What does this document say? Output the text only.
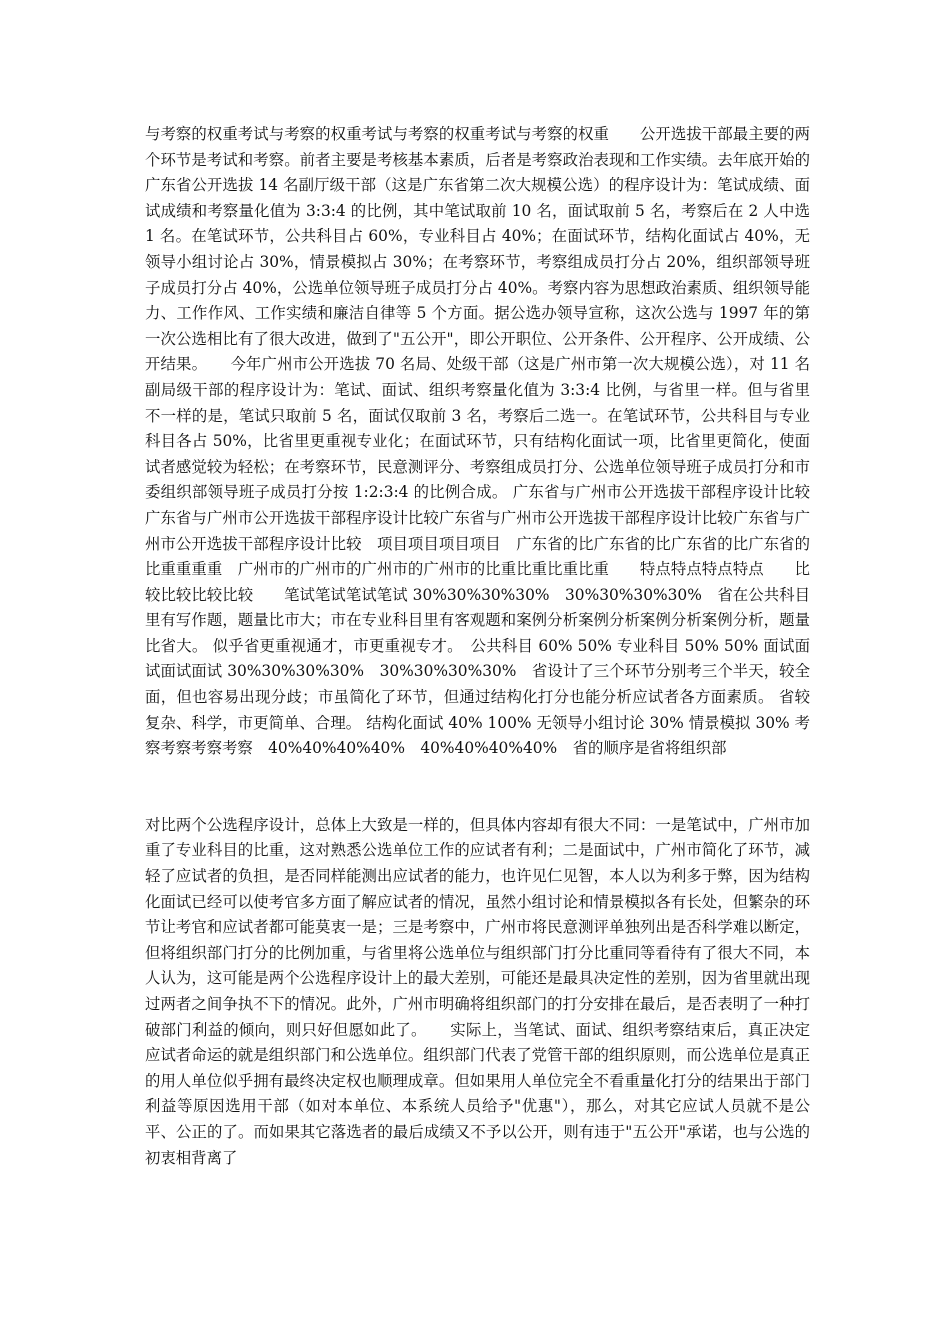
与考察的权重考试与考察的权重考试与考察的权重考试与考察的权重　　公开选拔干部最主要的两个环节是考试和考察。前者主要是考核基本素质，后者是考察政治表现和工作实绩。去年底开始的广东省公开选拔 14 名副厅级干部（这是广东省第二次大规模公选）的程序设计为：笔试成绩、面试成绩和考察量化值为 3:3:4 的比例，其中笔试取前 10 名，面试取前 5 名，考察后在 2 人中选 1 名。在笔试环节，公共科目占 60%，专业科目占 40%；在面试环节，结构化面试占 40%，无领导小组讨论占 30%，情景模拟占 30%；在考察环节，考察组成员打分占 20%，组织部领导班子成员打分占 40%，公选单位领导班子成员打分占 40%。考察内容为思想政治素质、组织领导能力、工作作风、工作实绩和廉洁自律等 5 个方面。据公选办领导宣称，这次公选与 1997 年的第一次公选相比有了很大改进，做到了"五公开"，即公开职位、公开条件、公开程序、公开成绩、公开结果。　　今年广州市公开选拔 70 名局、处级干部（这是广州市第一次大规模公选），对 11 名副局级干部的程序设计为：笔试、面试、组织考察量化值为 3:3:4 比例，与省里一样。但与省里不一样的是，笔试只取前 5 名，面试仅取前 3 名，考察后二选一。在笔试环节，公共科目与专业科目各占 50%，比省里更重视专业化；在面试环节，只有结构化面试一项，比省里更简化，使面试者感觉较为轻松；在考察环节，民意测评分、考察组成员打分、公选单位领导班子成员打分和市委组织部领导班子成员打分按 1:2:3:4 的比例合成。 广东省与广州市公开选拔干部程序设计比较广东省与广州市公开选拔干部程序设计比较广东省与广州市公开选拔干部程序设计比较广东省与广州市公开选拔干部程序设计比较　项目项目项目项目　广东省的比广东省的比广东省的比广东省的比重重重重　广州市的广州市的广州市的广州市的比重比重比重比重　　特点特点特点特点　　比较比较比较比较　　笔试笔试笔试笔试 30%30%30%30%　30%30%30%30%　省在公共科目里有写作题，题量比市大；市在专业科目里有客观题和案例分析案例分析案例分析案例分析，题量比省大。 似乎省更重视通才，市更重视专才。　公共科目 60% 50% 专业科目 50% 50% 面试面试面试面试 30%30%30%30%　30%30%30%30%　省设计了三个环节分别考三个半天，较全面，但也容易出现分歧；市虽简化了环节，但通过结构化打分也能分析应试者各方面素质。 省较复杂、科学，市更简单、合理。 结构化面试 40% 100% 无领导小组讨论 30% 情景模拟 30% 考察考察考察考察　40%40%40%40%　40%40%40%40%　省的顺序是省将组织部

对比两个公选程序设计，总体上大致是一样的，但具体内容却有很大不同：一是笔试中，广州市加重了专业科目的比重，这对熟悉公选单位工作的应试者有利；二是面试中，广州市简化了环节，减轻了应试者的负担，是否同样能测出应试者的能力，也许见仁见智，本人以为利多于弊，因为结构化面试已经可以使考官多方面了解应试者的情况，虽然小组讨论和情景模拟各有长处，但繁杂的环节让考官和应试者都可能莫衷一是；三是考察中，广州市将民意测评单独列出是否科学难以断定，但将组织部门打分的比例加重，与省里将公选单位与组织部门打分比重同等看待有了很大不同，本人认为，这可能是两个公选程序设计上的最大差别，可能还是最具决定性的差别，因为省里就出现过两者之间争执不下的情况。此外，广州市明确将组织部门的打分安排在最后，是否表明了一种打破部门利益的倾向，则只好但愿如此了。　　实际上，当笔试、面试、组织考察结束后，真正决定应试者命运的就是组织部门和公选单位。组织部门代表了党管干部的组织原则，而公选单位是真正的用人单位似乎拥有最终决定权也顺理成章。但如果用人单位完全不看重量化打分的结果出于部门利益等原因选用干部（如对本单位、本系统人员给予"优惠"），那么，对其它应试人员就不是公平、公正的了。而如果其它落选者的最后成绩又不予以公开，则有违于"五公开"承诺，也与公选的初衷相背离了
